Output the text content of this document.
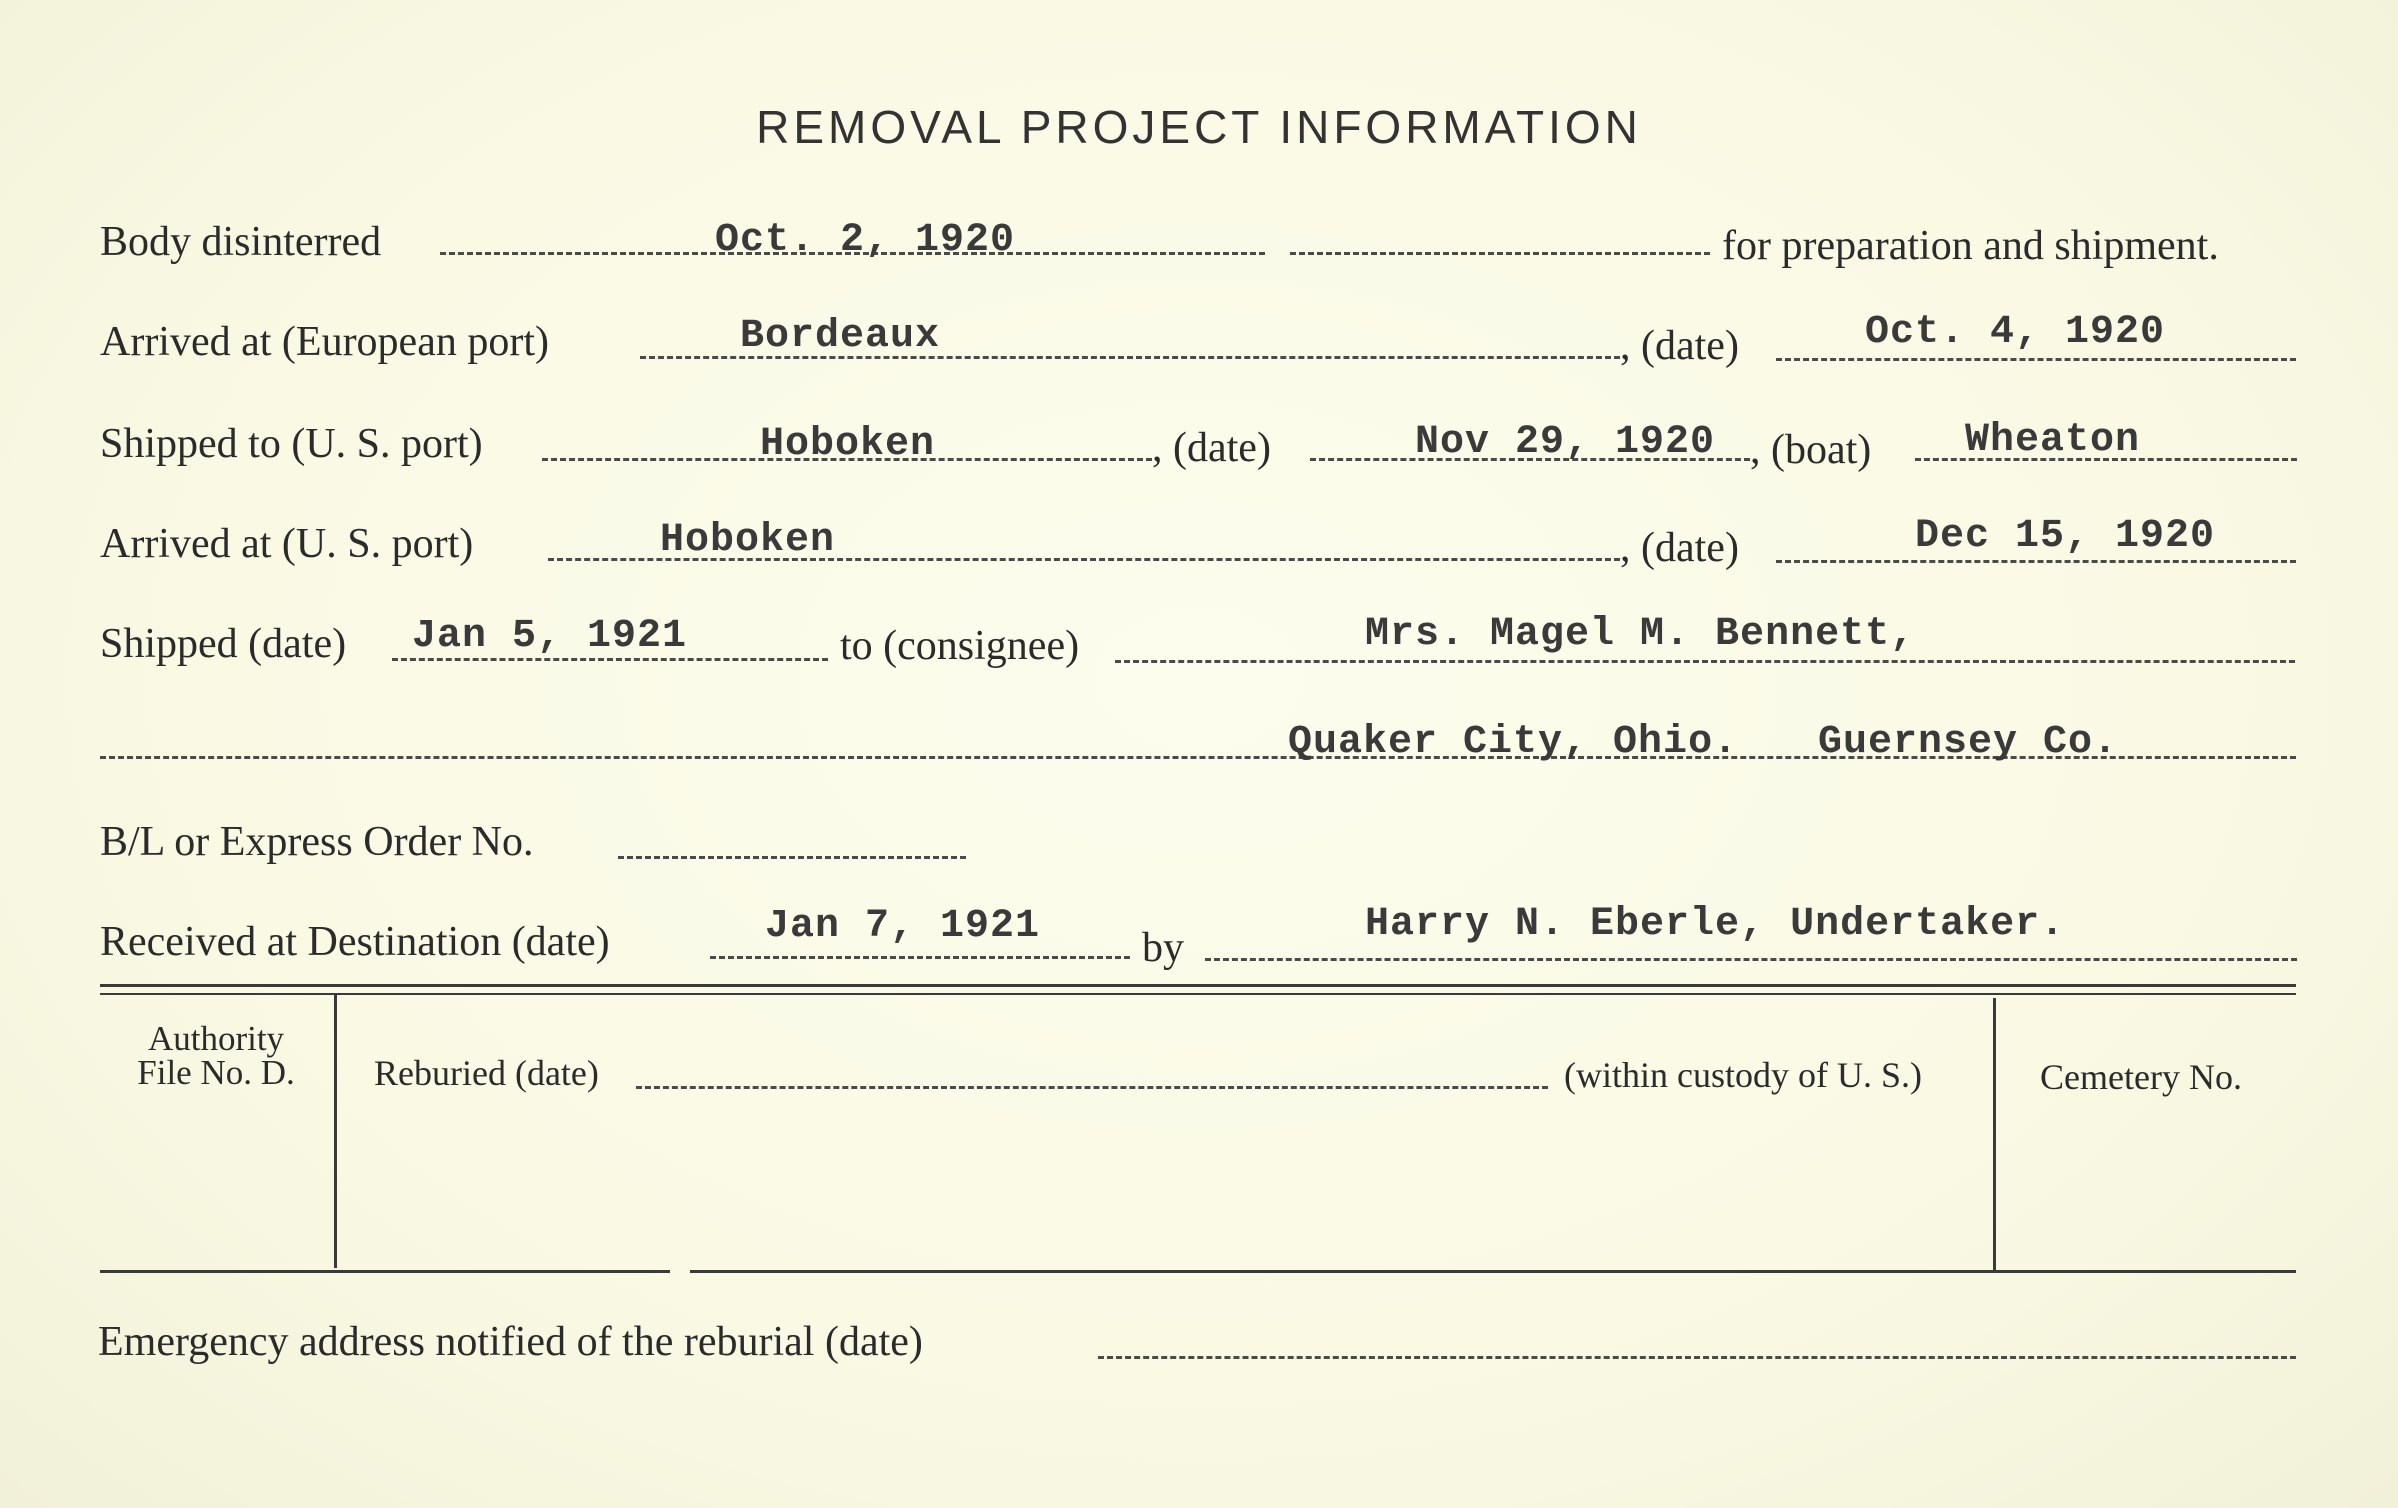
REMOVAL PROJECT INFORMATION
Body disinterred	Oct. 2, 1920	for preparation and shipment.
Arrived at (European port)	Bordeaux	, (date)	Oct. 4, 1920
Shipped to (U. S. port)	Hoboken	, (date)	Nov 29, 1920 , (boat) Wheaton
Arrived at (U. S. port)	Hoboken	, (date)	Dec 15, 1920
Shipped (date) Jan 5, 1921	to (consignee)	Mrs. Magel M. Bennett,
Quaker City, Ohio. Guernsey Co.
B/L or Express Order No.
Received at Destination (date)	Jan 7, 1921 by
Harry N. Eberle, Undertaker.
Authority
File No. D.	Reburied (date)	(within custody of U. S.)	Cemetery No.
Emergency address notified of the reburial (date)
